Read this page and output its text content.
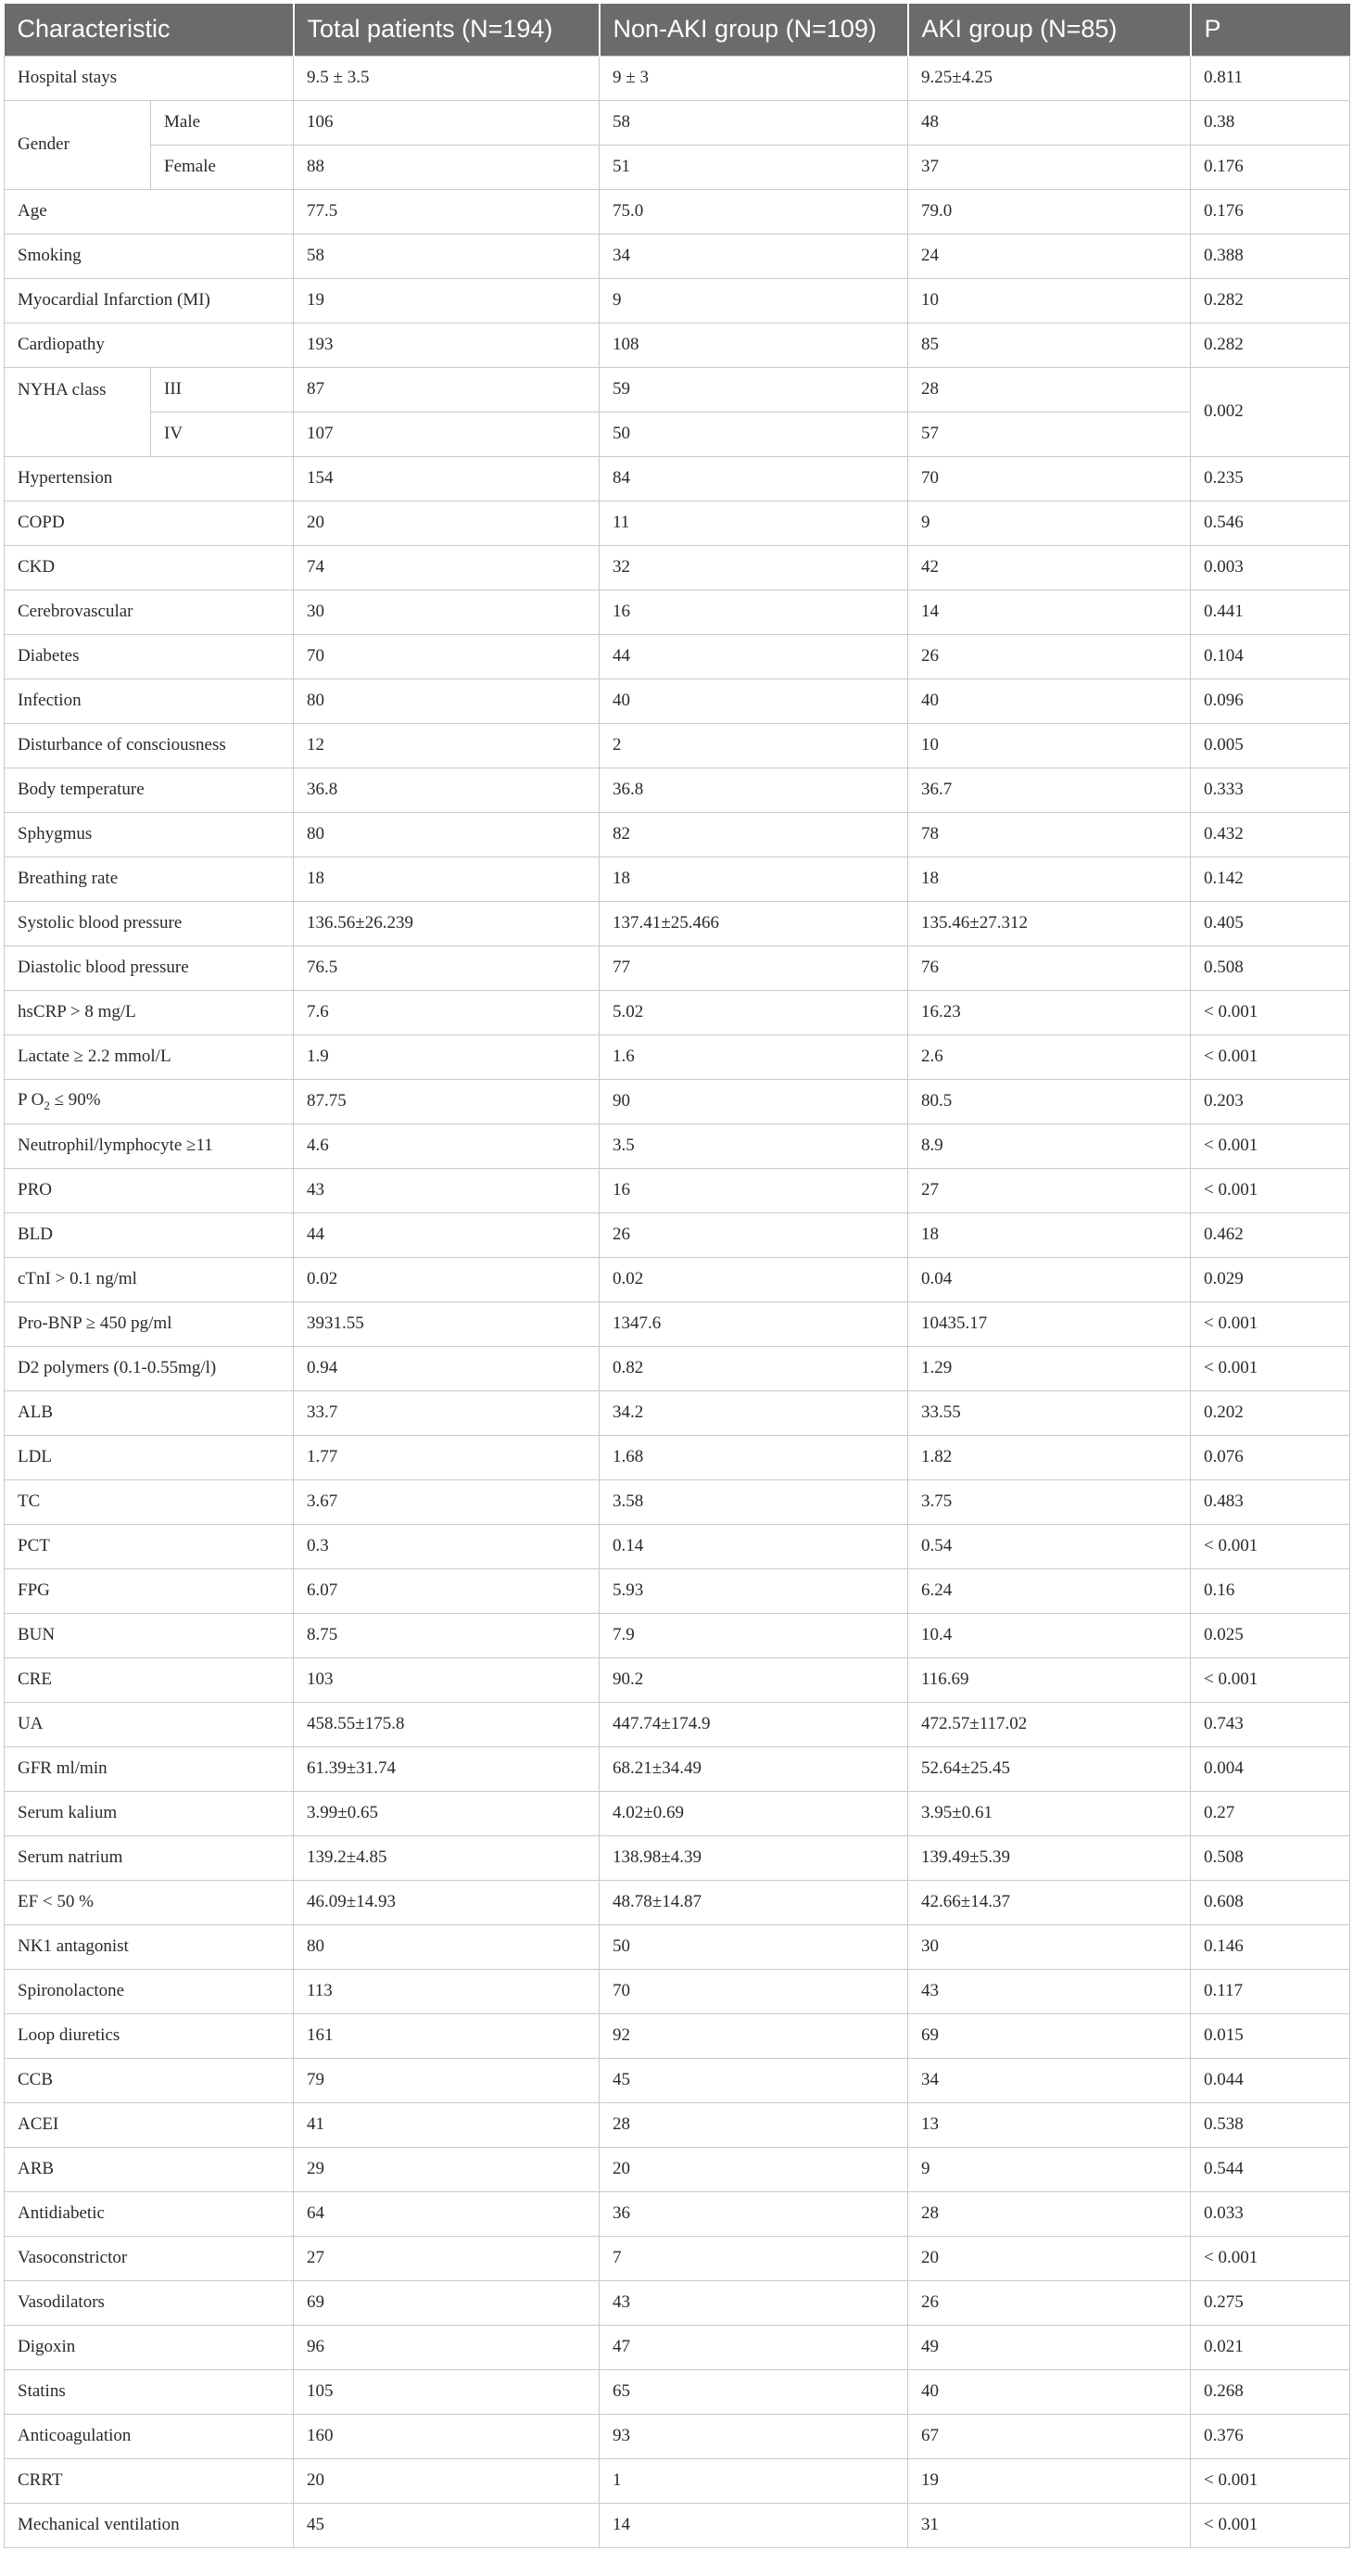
Characteristic		Total patients (N=194)	Non-AKI group (N=109)	AKI group (N=85)	P
Hospital stays		9.5 ± 3.5	9 ± 3	9.25±4.25	0.811
Gender	Male	106	58	48	0.38
	Female	88	51	37	0.176
Age		77.5	75.0	79.0	0.176
Smoking		58	34	24	0.388
Myocardial Infarction (MI)		19	9	10	0.282
Cardiopathy		193	108	85	0.282
NYHA class	III	87	59	28	0.002
	IV	107	50	57	
Hypertension		154	84	70	0.235
COPD		20	11	9	0.546
CKD		74	32	42	0.003
Cerebrovascular		30	16	14	0.441
Diabetes		70	44	26	0.104
Infection		80	40	40	0.096
Disturbance of consciousness		12	2	10	0.005
Body temperature		36.8	36.8	36.7	0.333
Sphygmus		80	82	78	0.432
Breathing rate		18	18	18	0.142
Systolic blood pressure		136.56±26.239	137.41±25.466	135.46±27.312	0.405
Diastolic blood pressure		76.5	77	76	0.508
hsCRP > 8 mg/L		7.6	5.02	16.23	< 0.001
Lactate ≥ 2.2 mmol/L		1.9	1.6	2.6	< 0.001
P $O_2 \le 90\%$		87.75	90	80.5	0.203
Neutrophil/lymphocyte ≥11		4.6	3.5	8.9	< 0.001
PRO		43	16	27	< 0.001
BLD		44	26	18	0.462
cTnI > 0.1 ng/ml		0.02	0.02	0.04	0.029
Pro-BNP ≥ 450 pg/ml		3931.55	1347.6	10435.17	< 0.001
D2 polymers (0.1-0.55mg/l)		0.94	0.82	1.29	< 0.001
ALB		33.7	34.2	33.55	0.202
LDL		1.77	1.68	1.82	0.076
TC		3.67	3.58	3.75	0.483
PCT		0.3	0.14	0.54	< 0.001
FPG		6.07	5.93	6.24	0.16
BUN		8.75	7.9	10.4	0.025
CRE		103	90.2	116.69	< 0.001
UA		458.55±175.8	447.74±174.9	472.57±117.02	0.743
GFR ml/min		61.39±31.74	68.21±34.49	52.64±25.45	0.004
Serum kalium		3.99±0.65	4.02±0.69	3.95±0.61	0.27
Serum natrium		139.2±4.85	138.98±4.39	139.49±5.39	0.508
EF < 50 %		46.09±14.93	48.78±14.87	42.66±14.37	0.608
NK1 antagonist		80	50	30	0.146
Spironolactone		113	70	43	0.117
Loop diuretics		161	92	69	0.015
CCB		79	45	34	0.044
ACEI		41	28	13	0.538
ARB		29	20	9	0.544
Antidiabetic		64	36	28	0.033
Vasoconstrictor		27	7	20	< 0.001
Vasodilators		69	43	26	0.275
Digoxin		96	47	49	0.021
Statins		105	65	40	0.268
Anticoagulation		160	93	67	0.376
CRRT		20	1	19	< 0.001
Mechanical ventilation		45	14	31	< 0.001
